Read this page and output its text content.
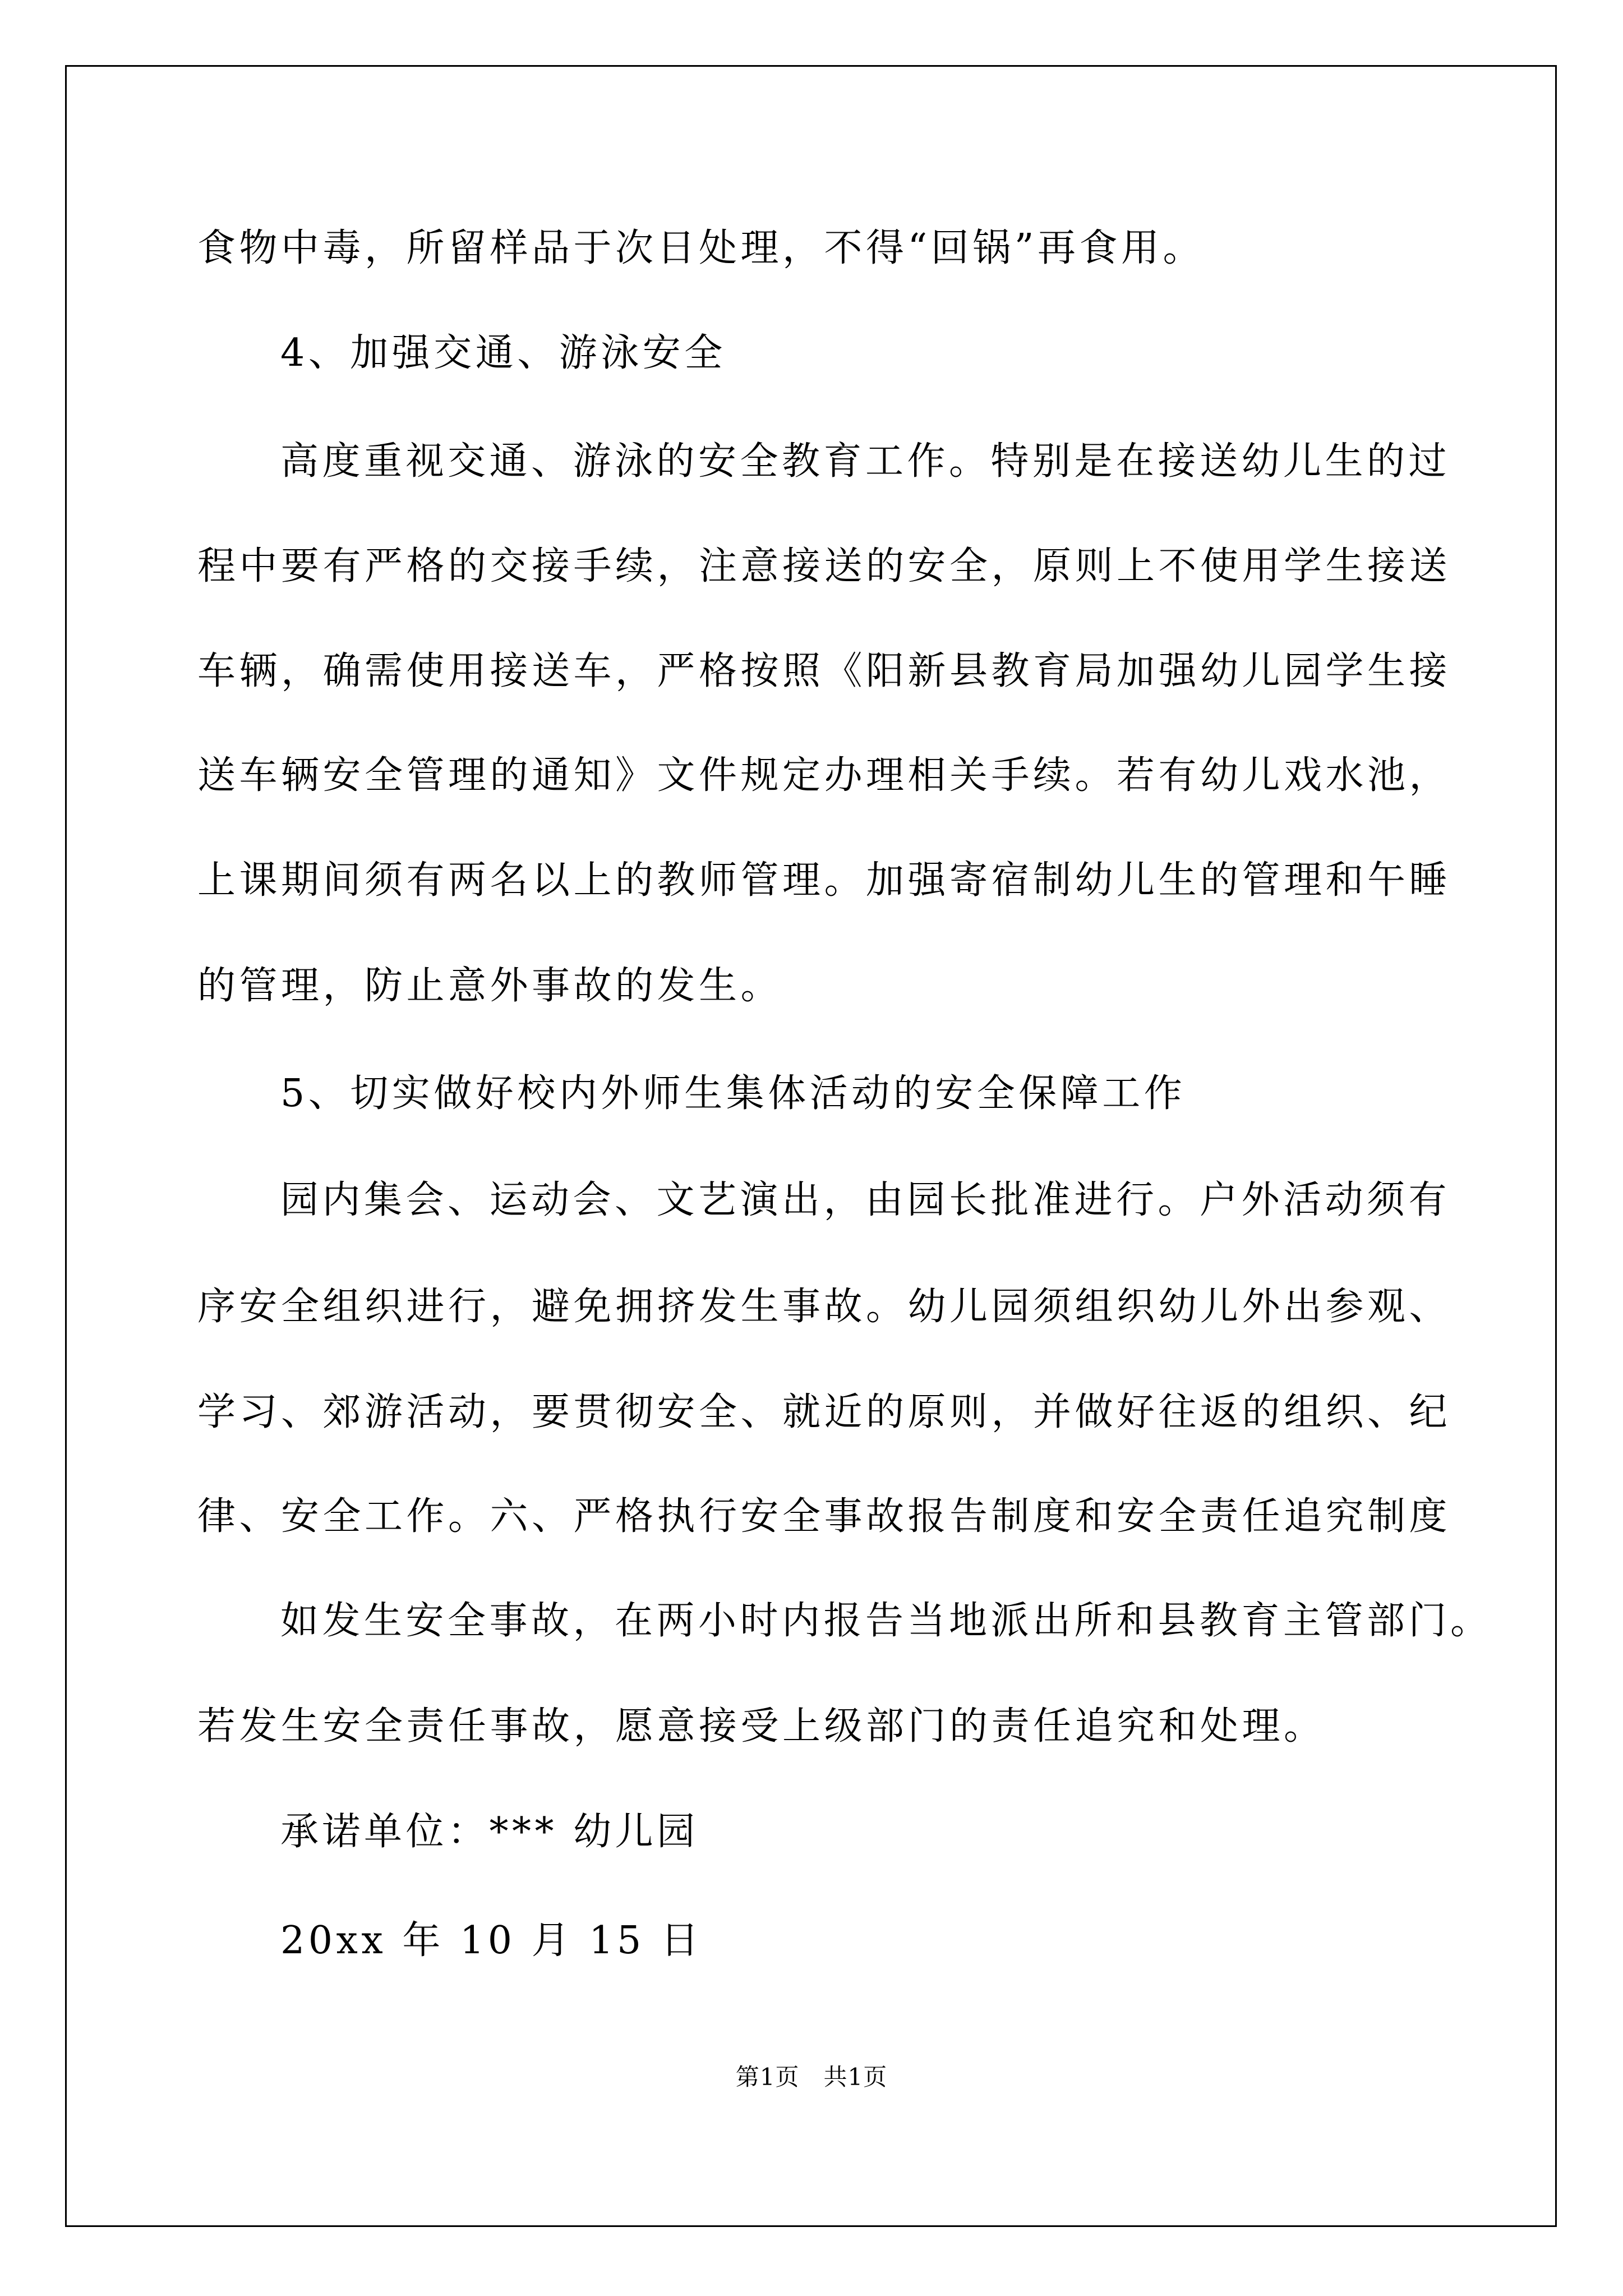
食物中毒，所留样品于次日处理，不得“回锅”再食用。

4、加强交通、游泳安全

高度重视交通、游泳的安全教育工作。特别是在接送幼儿生的过

程中要有严格的交接手续，注意接送的安全，原则上不使用学生接送

车辆，确需使用接送车，严格按照《阳新县教育局加强幼儿园学生接

送车辆安全管理的通知》文件规定办理相关手续。若有幼儿戏水池，

上课期间须有两名以上的教师管理。加强寄宿制幼儿生的管理和午睡

的管理，防止意外事故的发生。

5、切实做好校内外师生集体活动的安全保障工作

园内集会、运动会、文艺演出，由园长批准进行。户外活动须有

序安全组织进行，避免拥挤发生事故。幼儿园须组织幼儿外出参观、

学习、郊游活动，要贯彻安全、就近的原则，并做好往返的组织、纪

律、安全工作。六、严格执行安全事故报告制度和安全责任追究制度

如发生安全事故，在两小时内报告当地派出所和县教育主管部门。

若发生安全责任事故，愿意接受上级部门的责任追究和处理。

承诺单位：*** 幼儿园

20xx 年 10 月 15 日

第1页　共1页
